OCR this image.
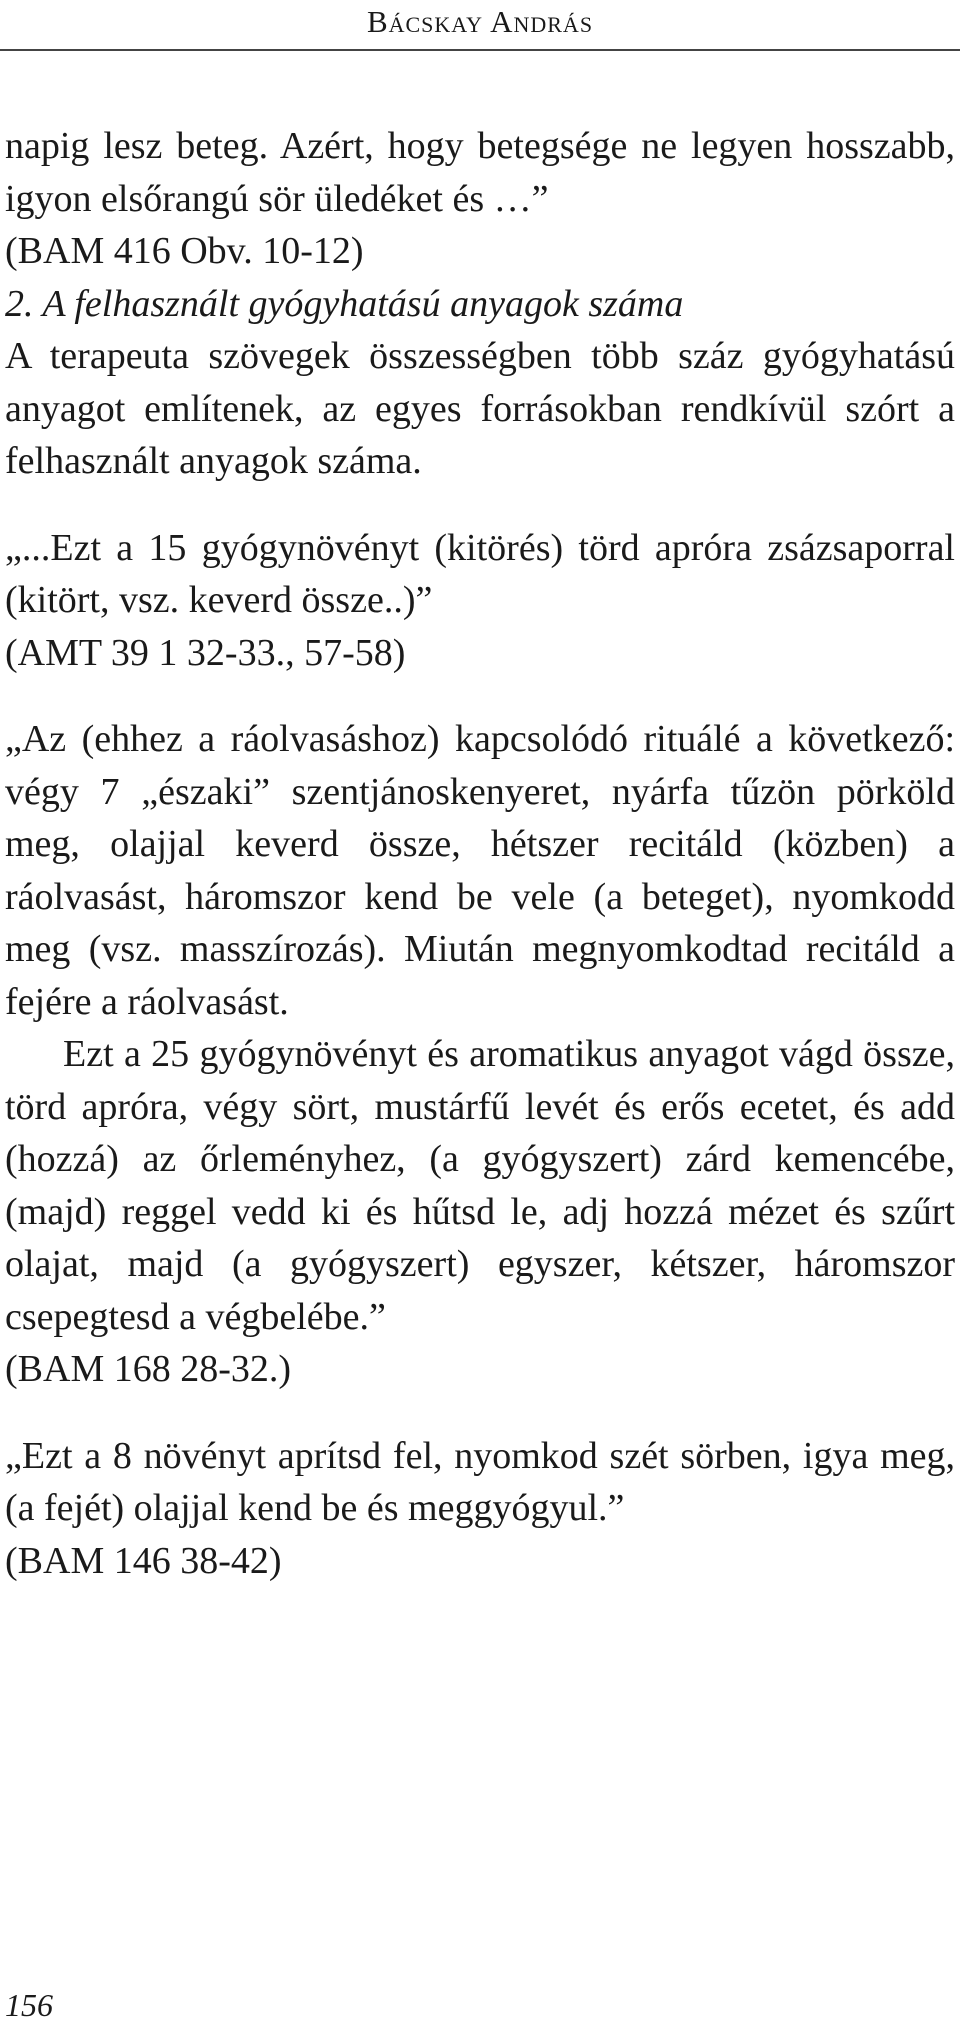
Bácskay András

napig lesz beteg. Azért, hogy betegsége ne legyen hosszabb, igyon elsőrangú sör üledéket és …”

(BAM 416 Obv. 10-12)

2. A felhasznált gyógyhatású anyagok száma

A terapeuta szövegek összességben több száz gyógyhatású anyagot említenek, az egyes forrásokban rendkívül szórt a felhasznált anyagok száma.

„...Ezt a 15 gyógynövényt (kitörés) törd apróra zsázsaporral (kitört, vsz. keverd össze..)”

(AMT 39 1 32-33., 57-58)

„Az (ehhez a ráolvasáshoz) kapcsolódó rituálé a következő: végy 7 „északi” szentjánoskenyeret, nyárfa tűzön pörköld meg, olajjal keverd össze, hétszer recitáld (közben) a ráolvasást, háromszor kend be vele (a beteget), nyomkodd meg (vsz. masszírozás). Miután megnyomkodtad recitáld a fejére a ráolvasást.

Ezt a 25 gyógynövényt és aromatikus anyagot vágd össze, törd apróra, végy sört, mustárfű levét és erős ecetet, és add (hozzá) az őrleményhez, (a gyógyszert) zárd kemencébe, (majd) reggel vedd ki és hűtsd le, adj hozzá mézet és szűrt olajat, majd (a gyógyszert) egyszer, kétszer, háromszor csepegtesd a végbelébe.”

(BAM 168 28-32.)

„Ezt a 8 növényt aprítsd fel, nyomkod szét sörben, igya meg, (a fejét) olajjal kend be és meggyógyul.”

(BAM 146 38-42)

156
